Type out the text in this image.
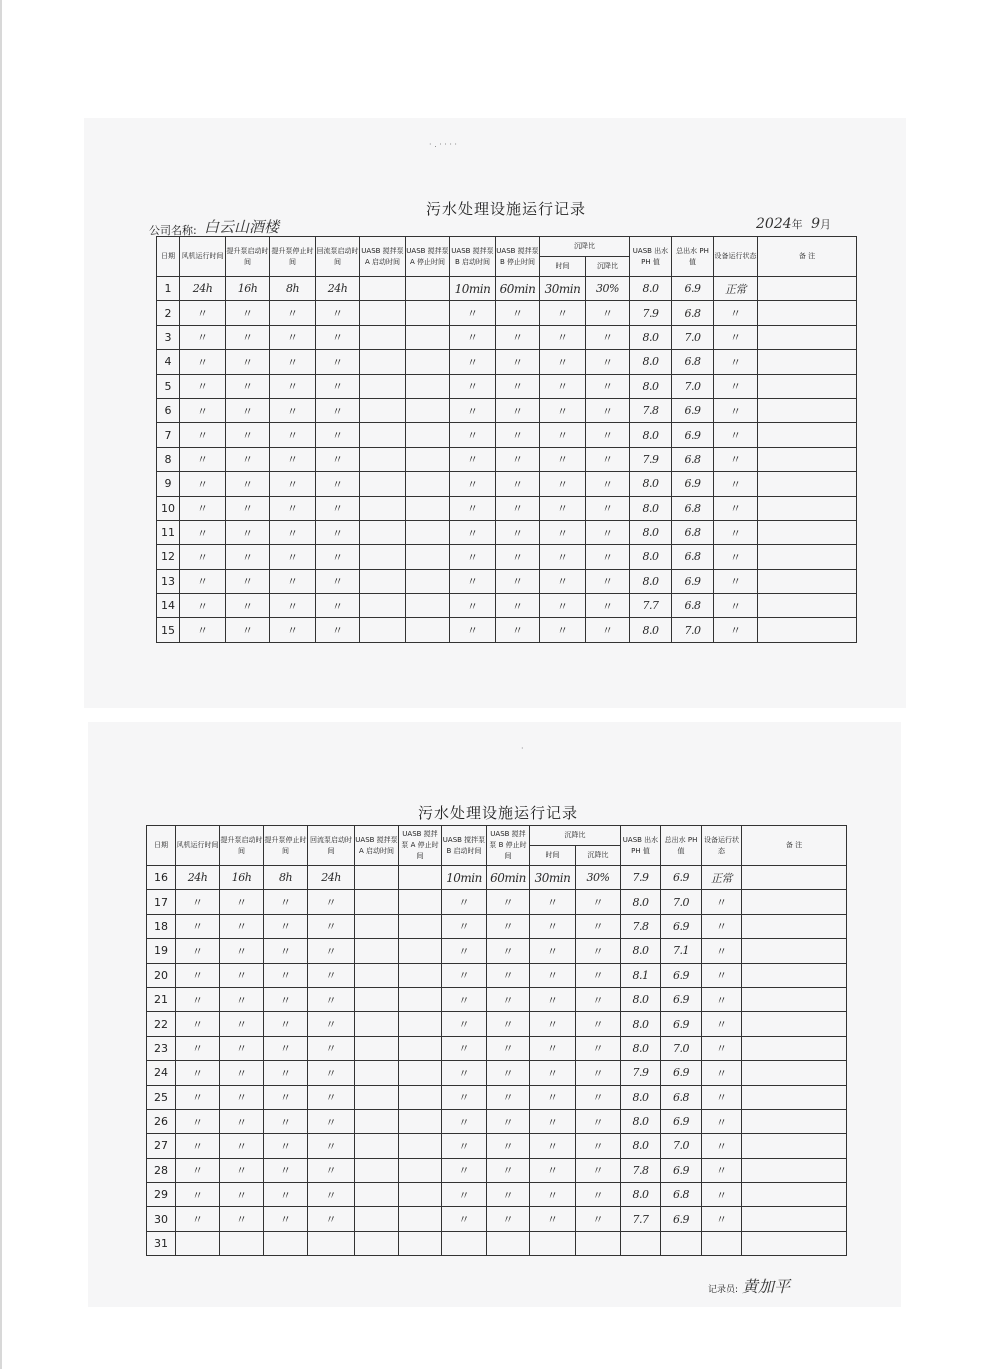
· . · · · ·
污水处理设施运行记录
公司名称: 白云山酒楼	2024年 9月
日期	风机运行时间	提升泵启动时间	提升泵停止时间	回流泵启动时间	UASB 搅拌泵 A 启动时间	UASB 搅拌泵 A 停止时间	UASB 搅拌泵 B 启动时间	UASB 搅拌泵 B 停止时间	沉降比		UASB 出水 PH 值	总出水 PH 值	设备运行状态	备 注
									时间	沉降比				
1	24h	16h	8h	24h			10min	60min	30min	30%	8.0	6.9	正常	
2	〃	〃	〃	〃			〃	〃	〃	〃	7.9	6.8	〃	
3	〃	〃	〃	〃			〃	〃	〃	〃	8.0	7.0	〃	
4	〃	〃	〃	〃			〃	〃	〃	〃	8.0	6.8	〃	
5	〃	〃	〃	〃			〃	〃	〃	〃	8.0	7.0	〃	
6	〃	〃	〃	〃			〃	〃	〃	〃	7.8	6.9	〃	
7	〃	〃	〃	〃			〃	〃	〃	〃	8.0	6.9	〃	
8	〃	〃	〃	〃			〃	〃	〃	〃	7.9	6.8	〃	
9	〃	〃	〃	〃			〃	〃	〃	〃	8.0	6.9	〃	
10	〃	〃	〃	〃			〃	〃	〃	〃	8.0	6.8	〃	
11	〃	〃	〃	〃			〃	〃	〃	〃	8.0	6.8	〃	
12	〃	〃	〃	〃			〃	〃	〃	〃	8.0	6.8	〃	
13	〃	〃	〃	〃			〃	〃	〃	〃	8.0	6.9	〃	
14	〃	〃	〃	〃			〃	〃	〃	〃	7.7	6.8	〃	
15	〃	〃	〃	〃			〃	〃	〃	〃	8.0	7.0	〃	
·
污水处理设施运行记录
日期	风机运行时间	提升泵启动时间	提升泵停止时间	回流泵启动时间	UASB 搅拌泵 A 启动时间	UASB 搅拌泵 A 停止时间	UASB 搅拌泵 B 启动时间	UASB 搅拌泵 B 停止时间	沉降比		UASB 出水 PH 值	总出水 PH 值	设备运行状态	备 注
									时间	沉降比				
16	24h	16h	8h	24h			10min	60min	30min	30%	7.9	6.9	正常	
17	〃	〃	〃	〃			〃	〃	〃	〃	8.0	7.0	〃	
18	〃	〃	〃	〃			〃	〃	〃	〃	7.8	6.9	〃	
19	〃	〃	〃	〃			〃	〃	〃	〃	8.0	7.1	〃	
20	〃	〃	〃	〃			〃	〃	〃	〃	8.1	6.9	〃	
21	〃	〃	〃	〃			〃	〃	〃	〃	8.0	6.9	〃	
22	〃	〃	〃	〃			〃	〃	〃	〃	8.0	6.9	〃	
23	〃	〃	〃	〃			〃	〃	〃	〃	8.0	7.0	〃	
24	〃	〃	〃	〃			〃	〃	〃	〃	7.9	6.9	〃	
25	〃	〃	〃	〃			〃	〃	〃	〃	8.0	6.8	〃	
26	〃	〃	〃	〃			〃	〃	〃	〃	8.0	6.9	〃	
27	〃	〃	〃	〃			〃	〃	〃	〃	8.0	7.0	〃	
28	〃	〃	〃	〃			〃	〃	〃	〃	7.8	6.9	〃	
29	〃	〃	〃	〃			〃	〃	〃	〃	8.0	6.8	〃	
30	〃	〃	〃	〃			〃	〃	〃	〃	7.7	6.9	〃	
31														
记录员: 黄加平
